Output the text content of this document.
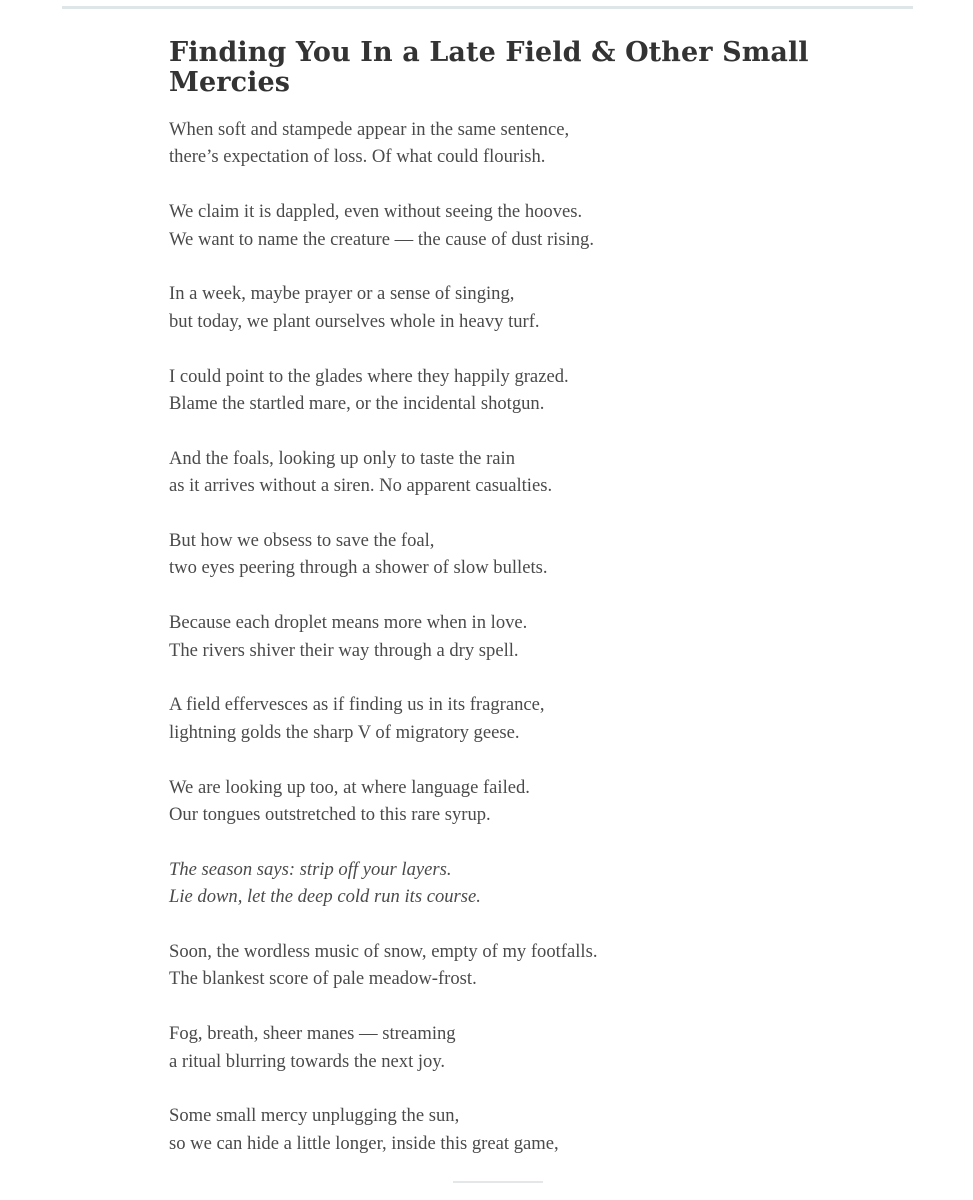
Finding You In a Late Field & Other Small Mercies

When soft and stampede appear in the same sentence,
there’s expectation of loss. Of what could flourish.

We claim it is dappled, even without seeing the hooves.
We want to name the creature — the cause of dust rising.

In a week, maybe prayer or a sense of singing,
but today, we plant ourselves whole in heavy turf.

I could point to the glades where they happily grazed.
Blame the startled mare, or the incidental shotgun.

And the foals, looking up only to taste the rain
as it arrives without a siren. No apparent casualties.

But how we obsess to save the foal,
two eyes peering through a shower of slow bullets.

Because each droplet means more when in love.
The rivers shiver their way through a dry spell.

A field effervesces as if finding us in its fragrance,
lightning golds the sharp V of migratory geese.

We are looking up too, at where language failed.
Our tongues outstretched to this rare syrup.

The season says: strip off your layers.
Lie down, let the deep cold run its course.

Soon, the wordless music of snow, empty of my footfalls.
The blankest score of pale meadow-frost.

Fog, breath, sheer manes — streaming
a ritual blurring towards the next joy.

Some small mercy unplugging the sun,
so we can hide a little longer, inside this great game,
